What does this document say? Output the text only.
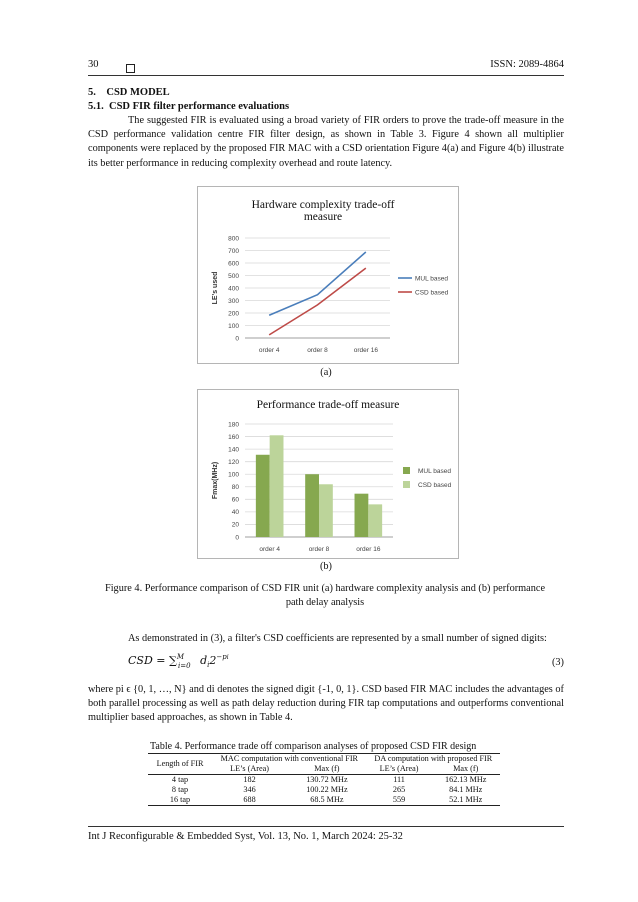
30	ISSN: 2089-4864
5.    CSD MODEL
5.1.  CSD FIR filter performance evaluations
The suggested FIR is evaluated using a broad variety of FIR orders to prove the trade-off measure in the CSD performance validation centre FIR filter design, as shown in Table 3. Figure 4 shown all multiplier components were replaced by the proposed FIR MAC with a CSD orientation Figure 4(a) and Figure 4(b) illustrate its better performance in reducing complexity overhead and route latency.
Hardware complexity trade-off measure
0
100
200
300
400
500
600
700
800
order 4	order 8	order 16
LE's used	MUL based
CSD based
(a)
Performance trade-off measure
0
20
40
60
80
100
120
140
160
180
order 4	order 8	order 16
Fmax(MHz)	MUL based
CSD based
(b)
Figure 4. Performance comparison of CSD FIR unit (a) hardware complexity analysis and (b) performance path delay analysis
As demonstrated in (3), a filter's CSD coefficients are represented by a small number of signed digits:
CSD = ∑$^M_{i=0}$ $d_i2^{-pi}$	(3)
where pi ϵ {0, 1, …, N} and di denotes the signed digit {-1, 0, 1}. CSD based FIR MAC includes the advantages of both parallel processing as well as path delay reduction during FIR tap computations and outperforms conventional multiplier based approaches, as shown in Table 4.
Table 4. Performance trade off comparison analyses of proposed CSD FIR design
Length of FIR	MAC computation with conventional FIR		DA computation with proposed FIR	
	LE’s (Area)	Max (f)	LE’s (Area)	Max (f)
4 tap	182	130.72 MHz	111	162.13 MHz
8 tap	346	100.22 MHz	265	84.1 MHz
16 tap	688	68.5 MHz	559	52.1 MHz
Int J Reconfigurable & Embedded Syst, Vol. 13, No. 1, March 2024: 25-32
